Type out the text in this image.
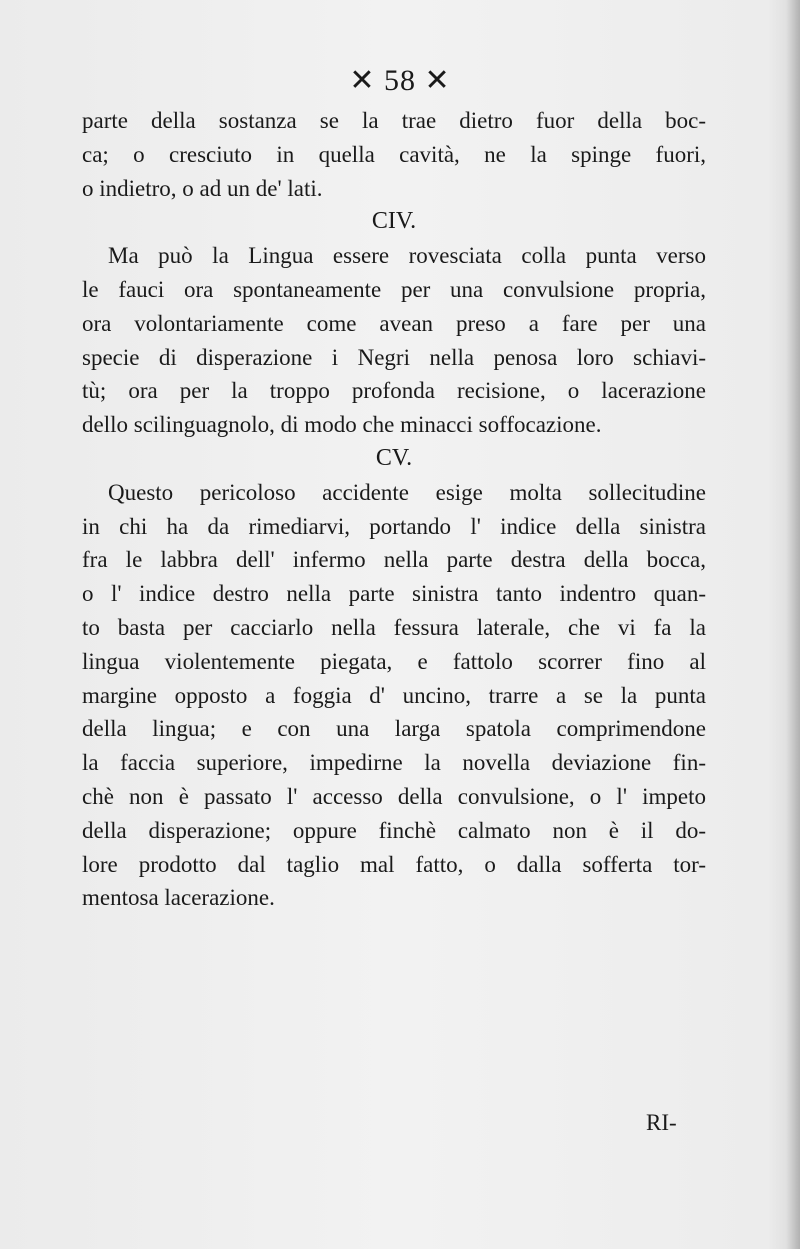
✕ 58 ✕
parte della sostanza se la trae dietro fuor della boc-
ca; o cresciuto in quella cavità, ne la spinge fuori,
o indietro, o ad un de' lati.
CIV.
Ma può la Lingua essere rovesciata colla punta verso
le fauci ora spontaneamente per una convulsione propria,
ora volontariamente come avean preso a fare per una
specie di disperazione i Negri nella penosa loro schiavi-
tù; ora per la troppo profonda recisione, o lacerazione
dello scilinguagnolo, di modo che minacci soffocazione.
CV.
Questo pericoloso accidente esige molta sollecitudine
in chi ha da rimediarvi, portando l' indice della sinistra
fra le labbra dell' infermo nella parte destra della bocca,
o l' indice destro nella parte sinistra tanto indentro quan-
to basta per cacciarlo nella fessura laterale, che vi fa la
lingua violentemente piegata, e fattolo scorrer fino al
margine opposto a foggia d' uncino, trarre a se la punta
della lingua; e con una larga spatola comprimendone
la faccia superiore, impedirne la novella deviazione fin-
chè non è passato l' accesso della convulsione, o l' impeto
della disperazione; oppure finchè calmato non è il do-
lore prodotto dal taglio mal fatto, o dalla sofferta tor-
mentosa lacerazione.
RI-
